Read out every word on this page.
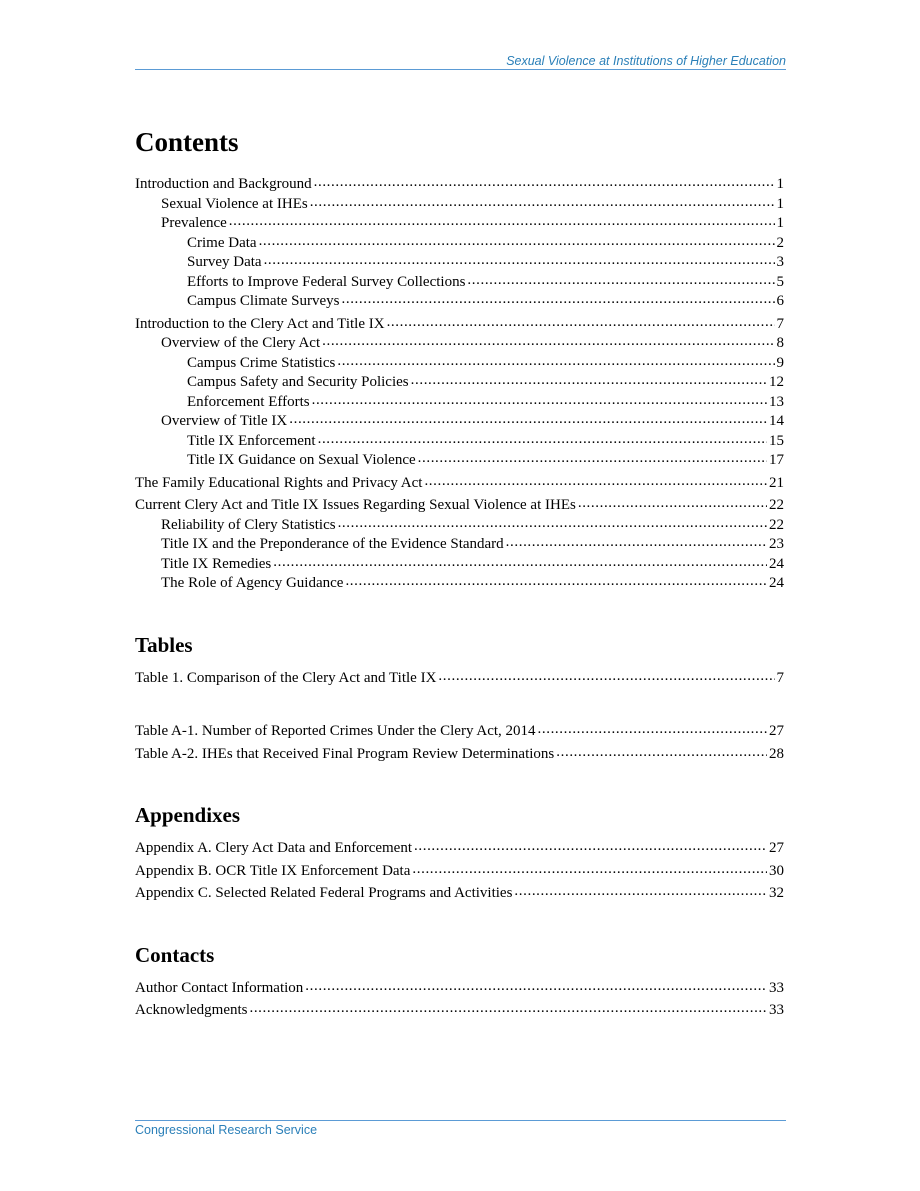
Sexual Violence at Institutions of Higher Education
Contents
Introduction and Background .....	1
Sexual Violence at IHEs .....	1
Prevalence .....	1
Crime Data .....	2
Survey Data .....	3
Efforts to Improve Federal Survey Collections .....	5
Campus Climate Surveys .....	6
Introduction to the Clery Act and Title IX .....	7
Overview of the Clery Act .....	8
Campus Crime Statistics .....	9
Campus Safety and Security Policies .....	12
Enforcement Efforts .....	13
Overview of Title IX .....	14
Title IX Enforcement .....	15
Title IX Guidance on Sexual Violence .....	17
The Family Educational Rights and Privacy Act .....	21
Current Clery Act and Title IX Issues Regarding Sexual Violence at IHEs .....	22
Reliability of Clery Statistics .....	22
Title IX and the Preponderance of the Evidence Standard .....	23
Title IX Remedies .....	24
The Role of Agency Guidance .....	24
Tables
Table 1. Comparison of the Clery Act and Title IX .....	7
Table A-1. Number of Reported Crimes Under the Clery Act, 2014 .....	27
Table A-2. IHEs that Received Final Program Review Determinations .....	28
Appendixes
Appendix A. Clery Act Data and Enforcement .....	27
Appendix B. OCR Title IX Enforcement Data .....	30
Appendix C. Selected Related Federal Programs and Activities .....	32
Contacts
Author Contact Information .....	33
Acknowledgments .....	33
Congressional Research Service
